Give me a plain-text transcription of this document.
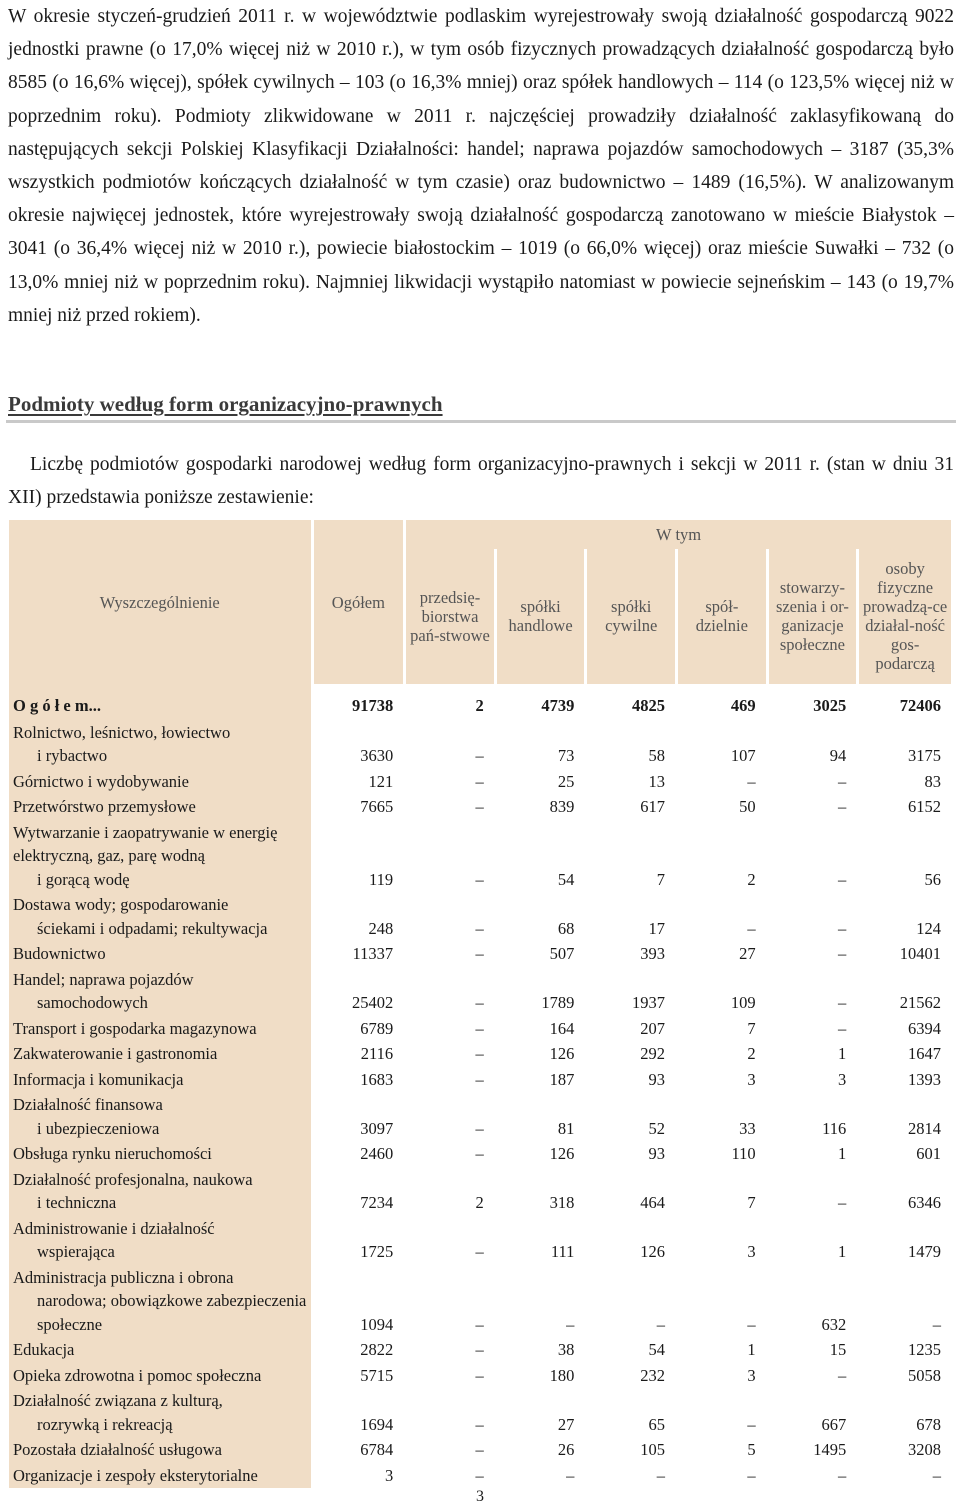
W okresie styczeń-grudzień 2011 r. w województwie podlaskim wyrejestrowały swoją działalność gospodarczą 9022 jednostki prawne (o 17,0% więcej niż w 2010 r.), w tym osób fizycznych prowadzących działalność gospodarczą było 8585 (o 16,6% więcej), spółek cywilnych – 103 (o 16,3% mniej) oraz spółek handlowych – 114 (o 123,5% więcej niż w poprzednim roku). Podmioty zlikwidowane w 2011 r. najczęściej prowadziły działalność zaklasyfikowaną do następujących sekcji Polskiej Klasyfikacji Działalności: handel; naprawa pojazdów samochodowych – 3187 (35,3% wszystkich podmiotów kończących działalność w tym czasie) oraz budownictwo – 1489 (16,5%). W analizowanym okresie najwięcej jednostek, które wyrejestrowały swoją działalność gospodarczą zanotowano w mieście Białystok – 3041 (o 36,4% więcej niż w 2010 r.), powiecie białostockim – 1019 (o 66,0% więcej) oraz mieście Suwałki – 732 (o 13,0% mniej niż w poprzednim roku). Najmniej likwidacji wystąpiło natomiast w powiecie sejneńskim – 143 (o 19,7% mniej niż przed rokiem).

Podmioty według form organizacyjno-prawnych

Liczbę podmiotów gospodarki narodowej według form organizacyjno-prawnych i sekcji w 2011 r. (stan w dniu 31 XII) przedstawia poniższe zestawienie:

Wyszczególnienie	Ogółem	W tym					
		przedsię-biorstwa pań-stwowe	spółki handlowe	spółki cywilne	spół-dzielnie	stowarzy-szenia i or-ganizacje społeczne	osoby fizyczne prowadzą-ce działal-ność gos-podarczą
O g ó ł e m...	91738	2	4739	4825	469	3025	72406
Rolnictwo, leśnictwo, łowiectwo
i rybactwo	3630	–	73	58	107	94	3175
Górnictwo i wydobywanie	121	–	25	13	–	–	83
Przetwórstwo przemysłowe	7665	–	839	617	50	–	6152
Wytwarzanie i zaopatrywanie w energię elektryczną, gaz, parę wodną
i gorącą wodę	119	–	54	7	2	–	56
Dostawa wody; gospodarowanie
ściekami i odpadami; rekultywacja	248	–	68	17	–	–	124
Budownictwo	11337	–	507	393	27	–	10401
Handel; naprawa pojazdów
samochodowych	25402	–	1789	1937	109	–	21562
Transport i gospodarka magazynowa	6789	–	164	207	7	–	6394
Zakwaterowanie i gastronomia	2116	–	126	292	2	1	1647
Informacja i komunikacja	1683	–	187	93	3	3	1393
Działalność finansowa
i ubezpieczeniowa	3097	–	81	52	33	116	2814
Obsługa rynku nieruchomości	2460	–	126	93	110	1	601
Działalność profesjonalna, naukowa
i techniczna	7234	2	318	464	7	–	6346
Administrowanie i działalność
wspierająca	1725	–	111	126	3	1	1479
Administracja publiczna i obrona
narodowa; obowiązkowe zabezpieczenia społeczne	1094	–	–	–	–	632	–
Edukacja	2822	–	38	54	1	15	1235
Opieka zdrowotna i pomoc społeczna	5715	–	180	232	3	–	5058
Działalność związana z kulturą,
rozrywką i rekreacją	1694	–	27	65	–	667	678
Pozostała działalność usługowa	6784	–	26	105	5	1495	3208
Organizacje i zespoły eksterytorialne	3	–	–	–	–	–	–
3
